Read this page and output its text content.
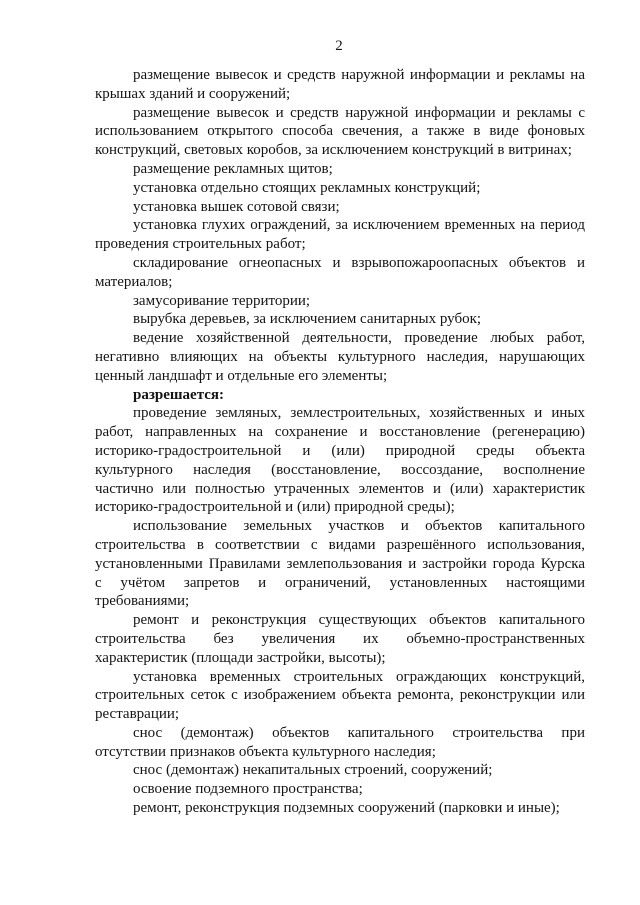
2
размещение вывесок и средств наружной информации и рекламы на
крышах зданий и сооружений;
размещение вывесок и средств наружной информации и рекламы с
использованием открытого способа свечения, а также в виде фоновых
конструкций, световых коробов, за исключением конструкций в витринах;
размещение рекламных щитов;
установка отдельно стоящих рекламных конструкций;
установка вышек сотовой связи;
установка глухих ограждений, за исключением временных на период
проведения строительных работ;
складирование огнеопасных и взрывопожароопасных объектов и
материалов;
замусоривание территории;
вырубка деревьев, за исключением санитарных рубок;
ведение хозяйственной деятельности, проведение любых работ,
негативно влияющих на объекты культурного наследия, нарушающих
ценный ландшафт и отдельные его элементы;
разрешается:
проведение земляных, землестроительных, хозяйственных и иных
работ, направленных на сохранение и восстановление (регенерацию)
историко-градостроительной и (или) природной среды объекта
культурного наследия (восстановление, воссоздание, восполнение
частично или полностью утраченных элементов и (или) характеристик
историко-градостроительной и (или) природной среды);
использование земельных участков и объектов капитального
строительства в соответствии с видами разрешённого использования,
установленными Правилами землепользования и застройки города Курска
с учётом запретов и ограничений, установленных настоящими
требованиями;
ремонт и реконструкция существующих объектов капитального
строительства без увеличения их объемно-пространственных
характеристик (площади застройки, высоты);
установка временных строительных ограждающих конструкций,
строительных сеток с изображением объекта ремонта, реконструкции или
реставрации;
снос (демонтаж) объектов капитального строительства при
отсутствии признаков объекта культурного наследия;
снос (демонтаж) некапитальных строений, сооружений;
освоение подземного пространства;
ремонт, реконструкция подземных сооружений (парковки и иные);
